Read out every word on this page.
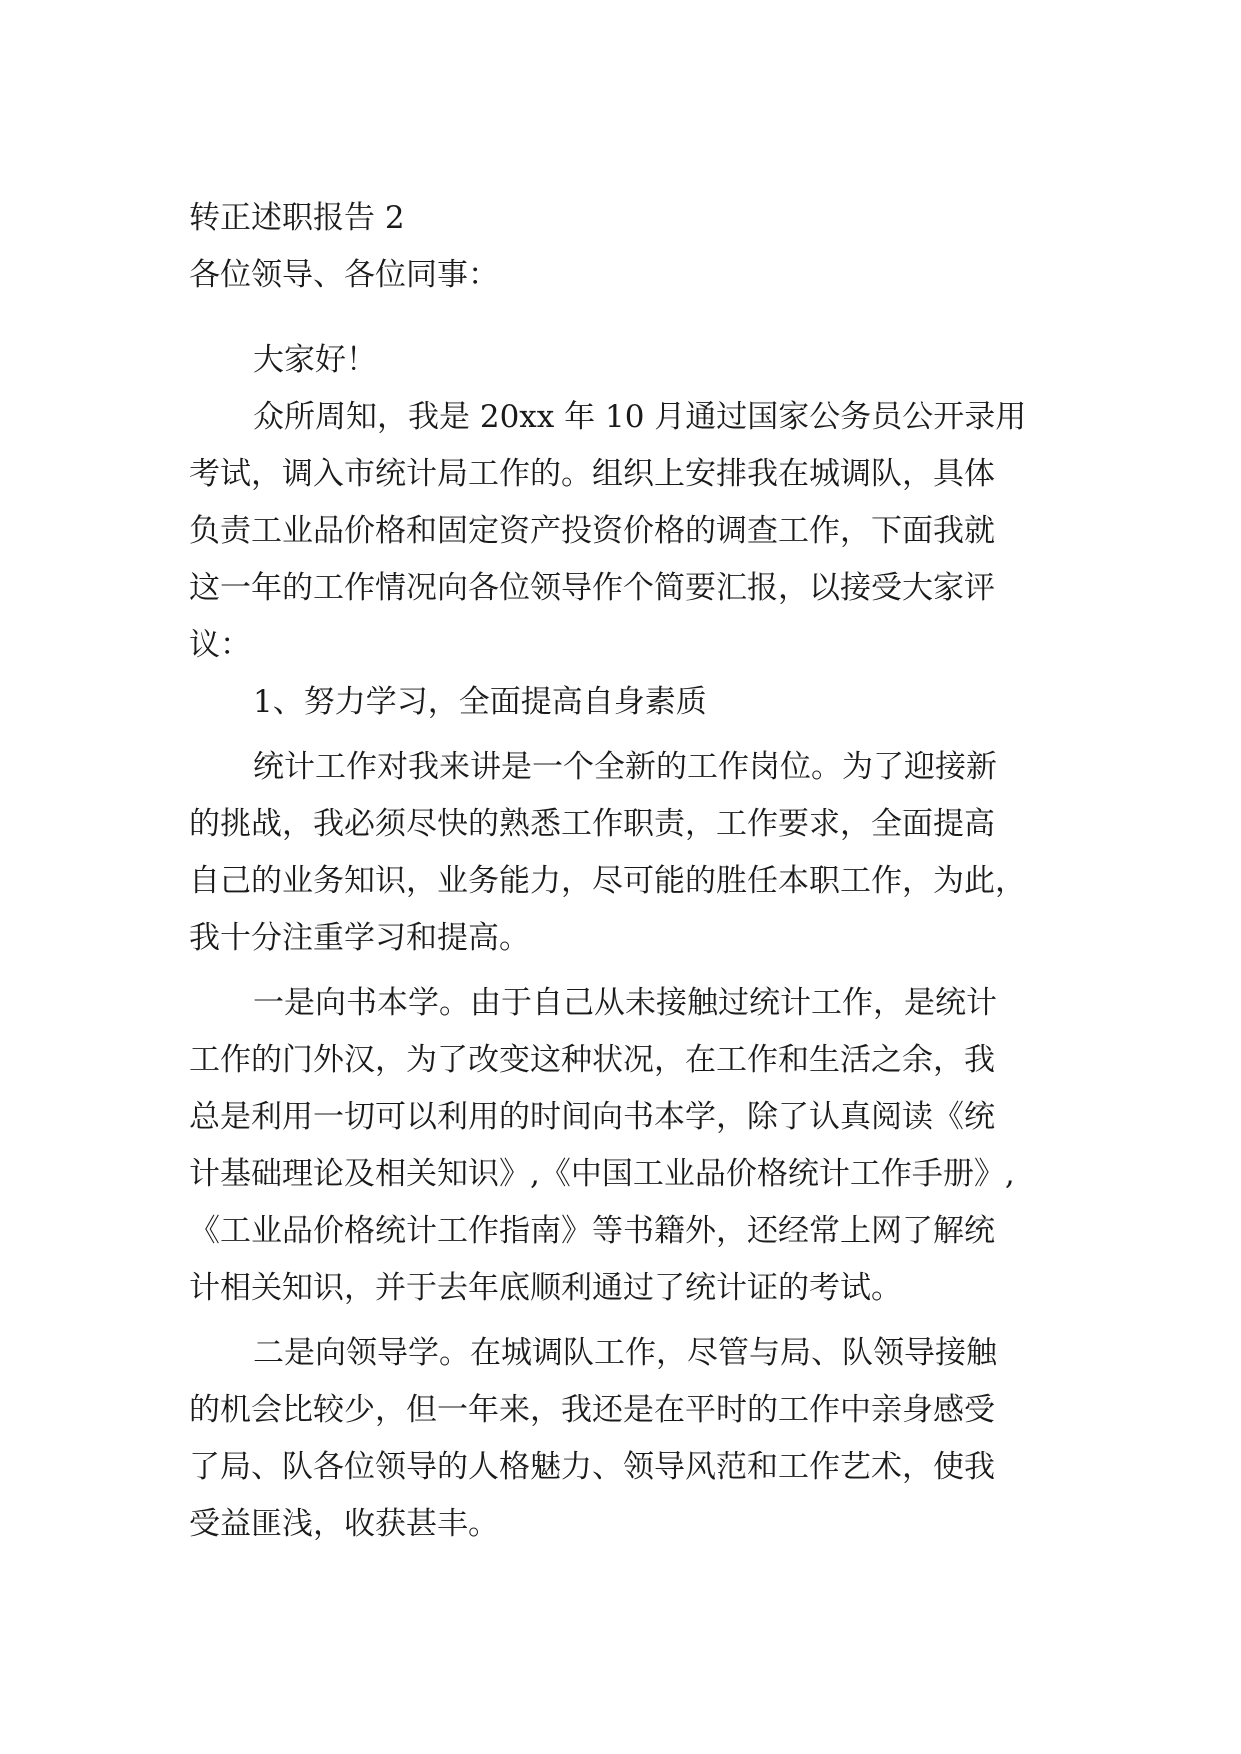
转正述职报告 2
各位领导、各位同事：
大家好！
众所周知，我是 20xx 年 10 月通过国家公务员公开录用
考试，调入市统计局工作的。组织上安排我在城调队，具体
负责工业品价格和固定资产投资价格的调查工作，下面我就
这一年的工作情况向各位领导作个简要汇报，以接受大家评
议：
1、努力学习，全面提高自身素质
统计工作对我来讲是一个全新的工作岗位。为了迎接新
的挑战，我必须尽快的熟悉工作职责，工作要求，全面提高
自己的业务知识，业务能力，尽可能的胜任本职工作，为此，
我十分注重学习和提高。
一是向书本学。由于自己从未接触过统计工作，是统计
工作的门外汉，为了改变这种状况，在工作和生活之余，我
总是利用一切可以利用的时间向书本学，除了认真阅读《统
计基础理论及相关知识》,《中国工业品价格统计工作手册》,
《工业品价格统计工作指南》等书籍外，还经常上网了解统
计相关知识，并于去年底顺利通过了统计证的考试。
二是向领导学。在城调队工作，尽管与局、队领导接触
的机会比较少，但一年来，我还是在平时的工作中亲身感受
了局、队各位领导的人格魅力、领导风范和工作艺术，使我
受益匪浅，收获甚丰。
